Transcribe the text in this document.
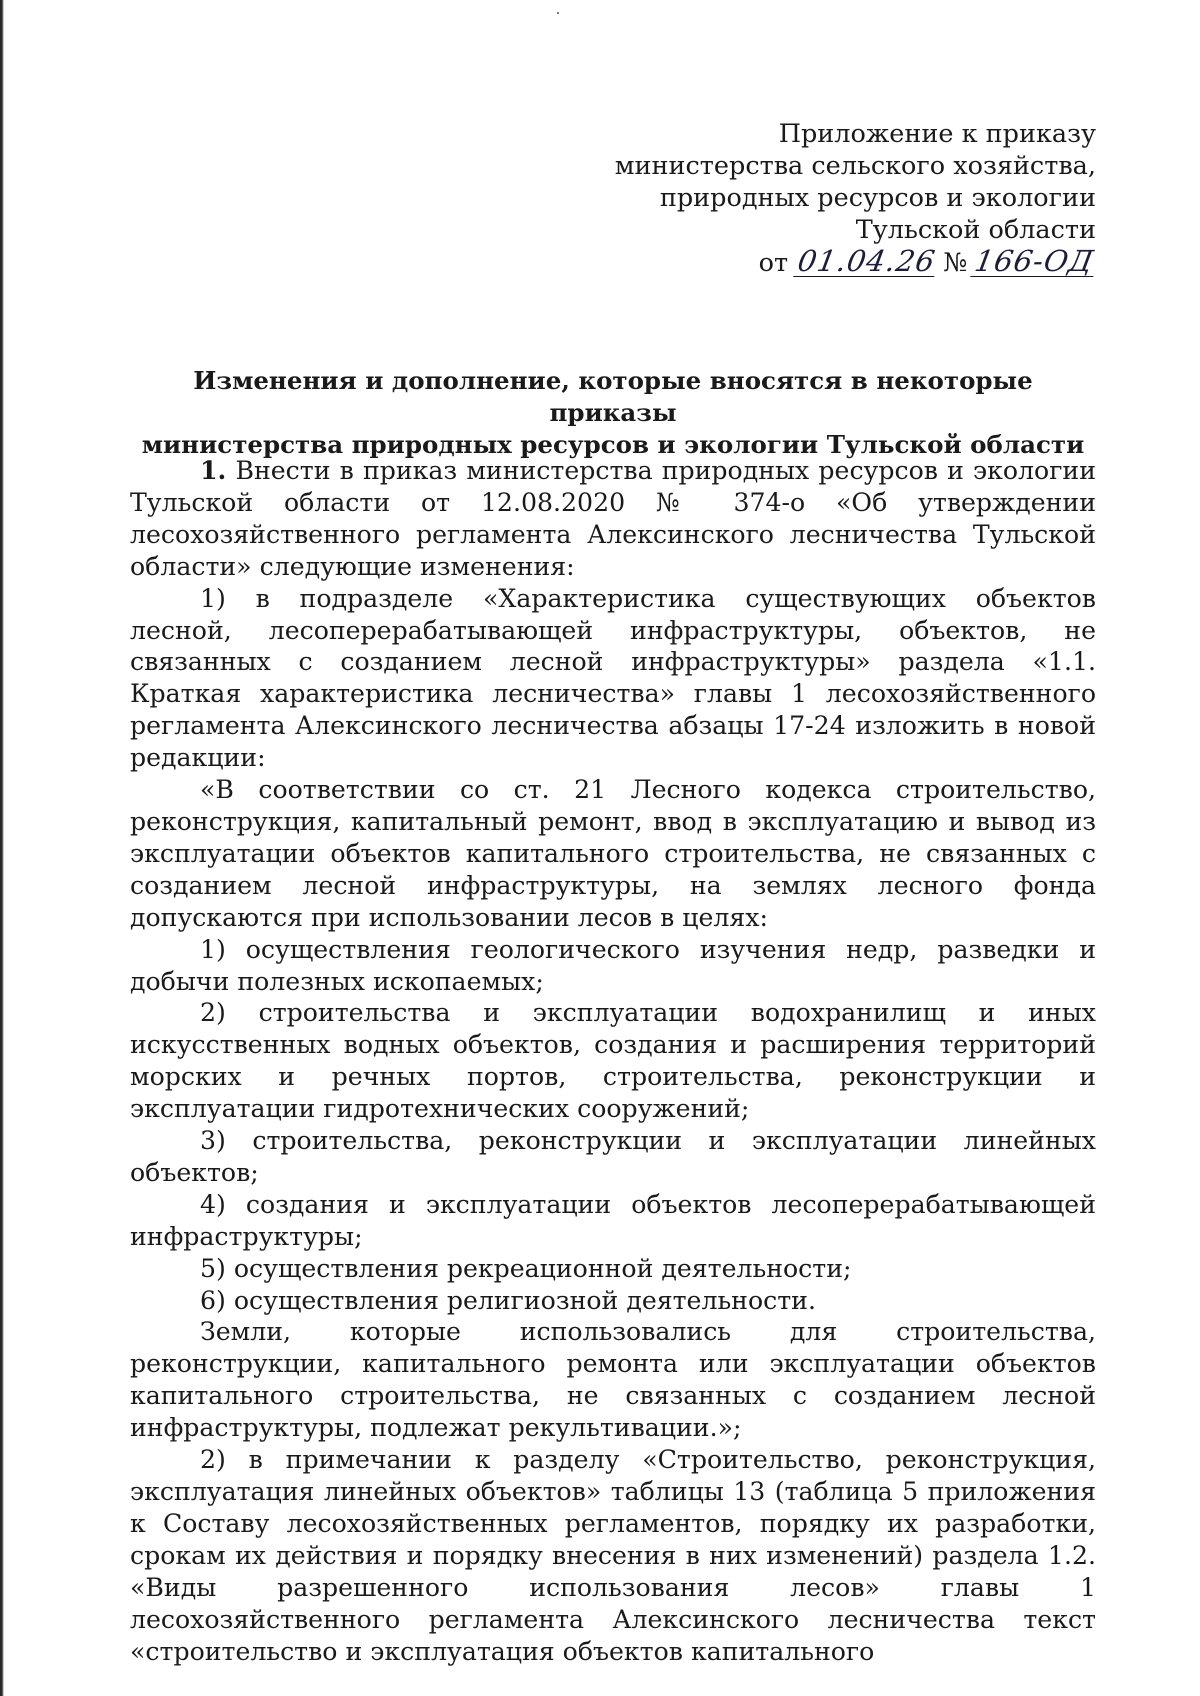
Приложение к приказу
министерства сельского хозяйства,
природных ресурсов и экологии
Тульской области
от 01.04.26 № 166-ОД
Изменения и дополнение, которые вносятся в некоторые приказы
министерства природных ресурсов и экологии Тульской области

1. Внести в приказ министерства природных ресурсов и экологии Тульской области от 12.08.2020 № 374-о «Об утверждении лесохозяйственного регламента Алексинского лесничества Тульской области» следующие изменения:

1) в подразделе «Характеристика существующих объектов лесной, лесоперерабатывающей инфраструктуры, объектов, не связанных с созданием лесной инфраструктуры» раздела «1.1. Краткая характеристика лесничества» главы 1 лесохозяйственного регламента Алексинского лесничества абзацы 17-24 изложить в новой редакции:

«В соответствии со ст. 21 Лесного кодекса строительство, реконструкция, капитальный ремонт, ввод в эксплуатацию и вывод из эксплуатации объектов капитального строительства, не связанных с созданием лесной инфраструктуры, на землях лесного фонда допускаются при использовании лесов в целях:

1) осуществления геологического изучения недр, разведки и добычи полезных ископаемых;

2) строительства и эксплуатации водохранилищ и иных искусственных водных объектов, создания и расширения территорий морских и речных портов, строительства, реконструкции и эксплуатации гидротехнических сооружений;

3) строительства, реконструкции и эксплуатации линейных объектов;

4) создания и эксплуатации объектов лесоперерабатывающей инфраструктуры;

5) осуществления рекреационной деятельности;

6) осуществления религиозной деятельности.

Земли, которые использовались для строительства, реконструкции, капитального ремонта или эксплуатации объектов капитального строительства, не связанных с созданием лесной инфраструктуры, подлежат рекультивации.»;

2) в примечании к разделу «Строительство, реконструкция, эксплуатация линейных объектов» таблицы 13 (таблица 5 приложения к Составу лесохозяйственных регламентов, порядку их разработки, срокам их действия и порядку внесения в них изменений) раздела 1.2. «Виды разрешенного использования лесов» главы 1 лесохозяйственного регламента Алексинского лесничества текст «строительство и эксплуатация объектов капитального
